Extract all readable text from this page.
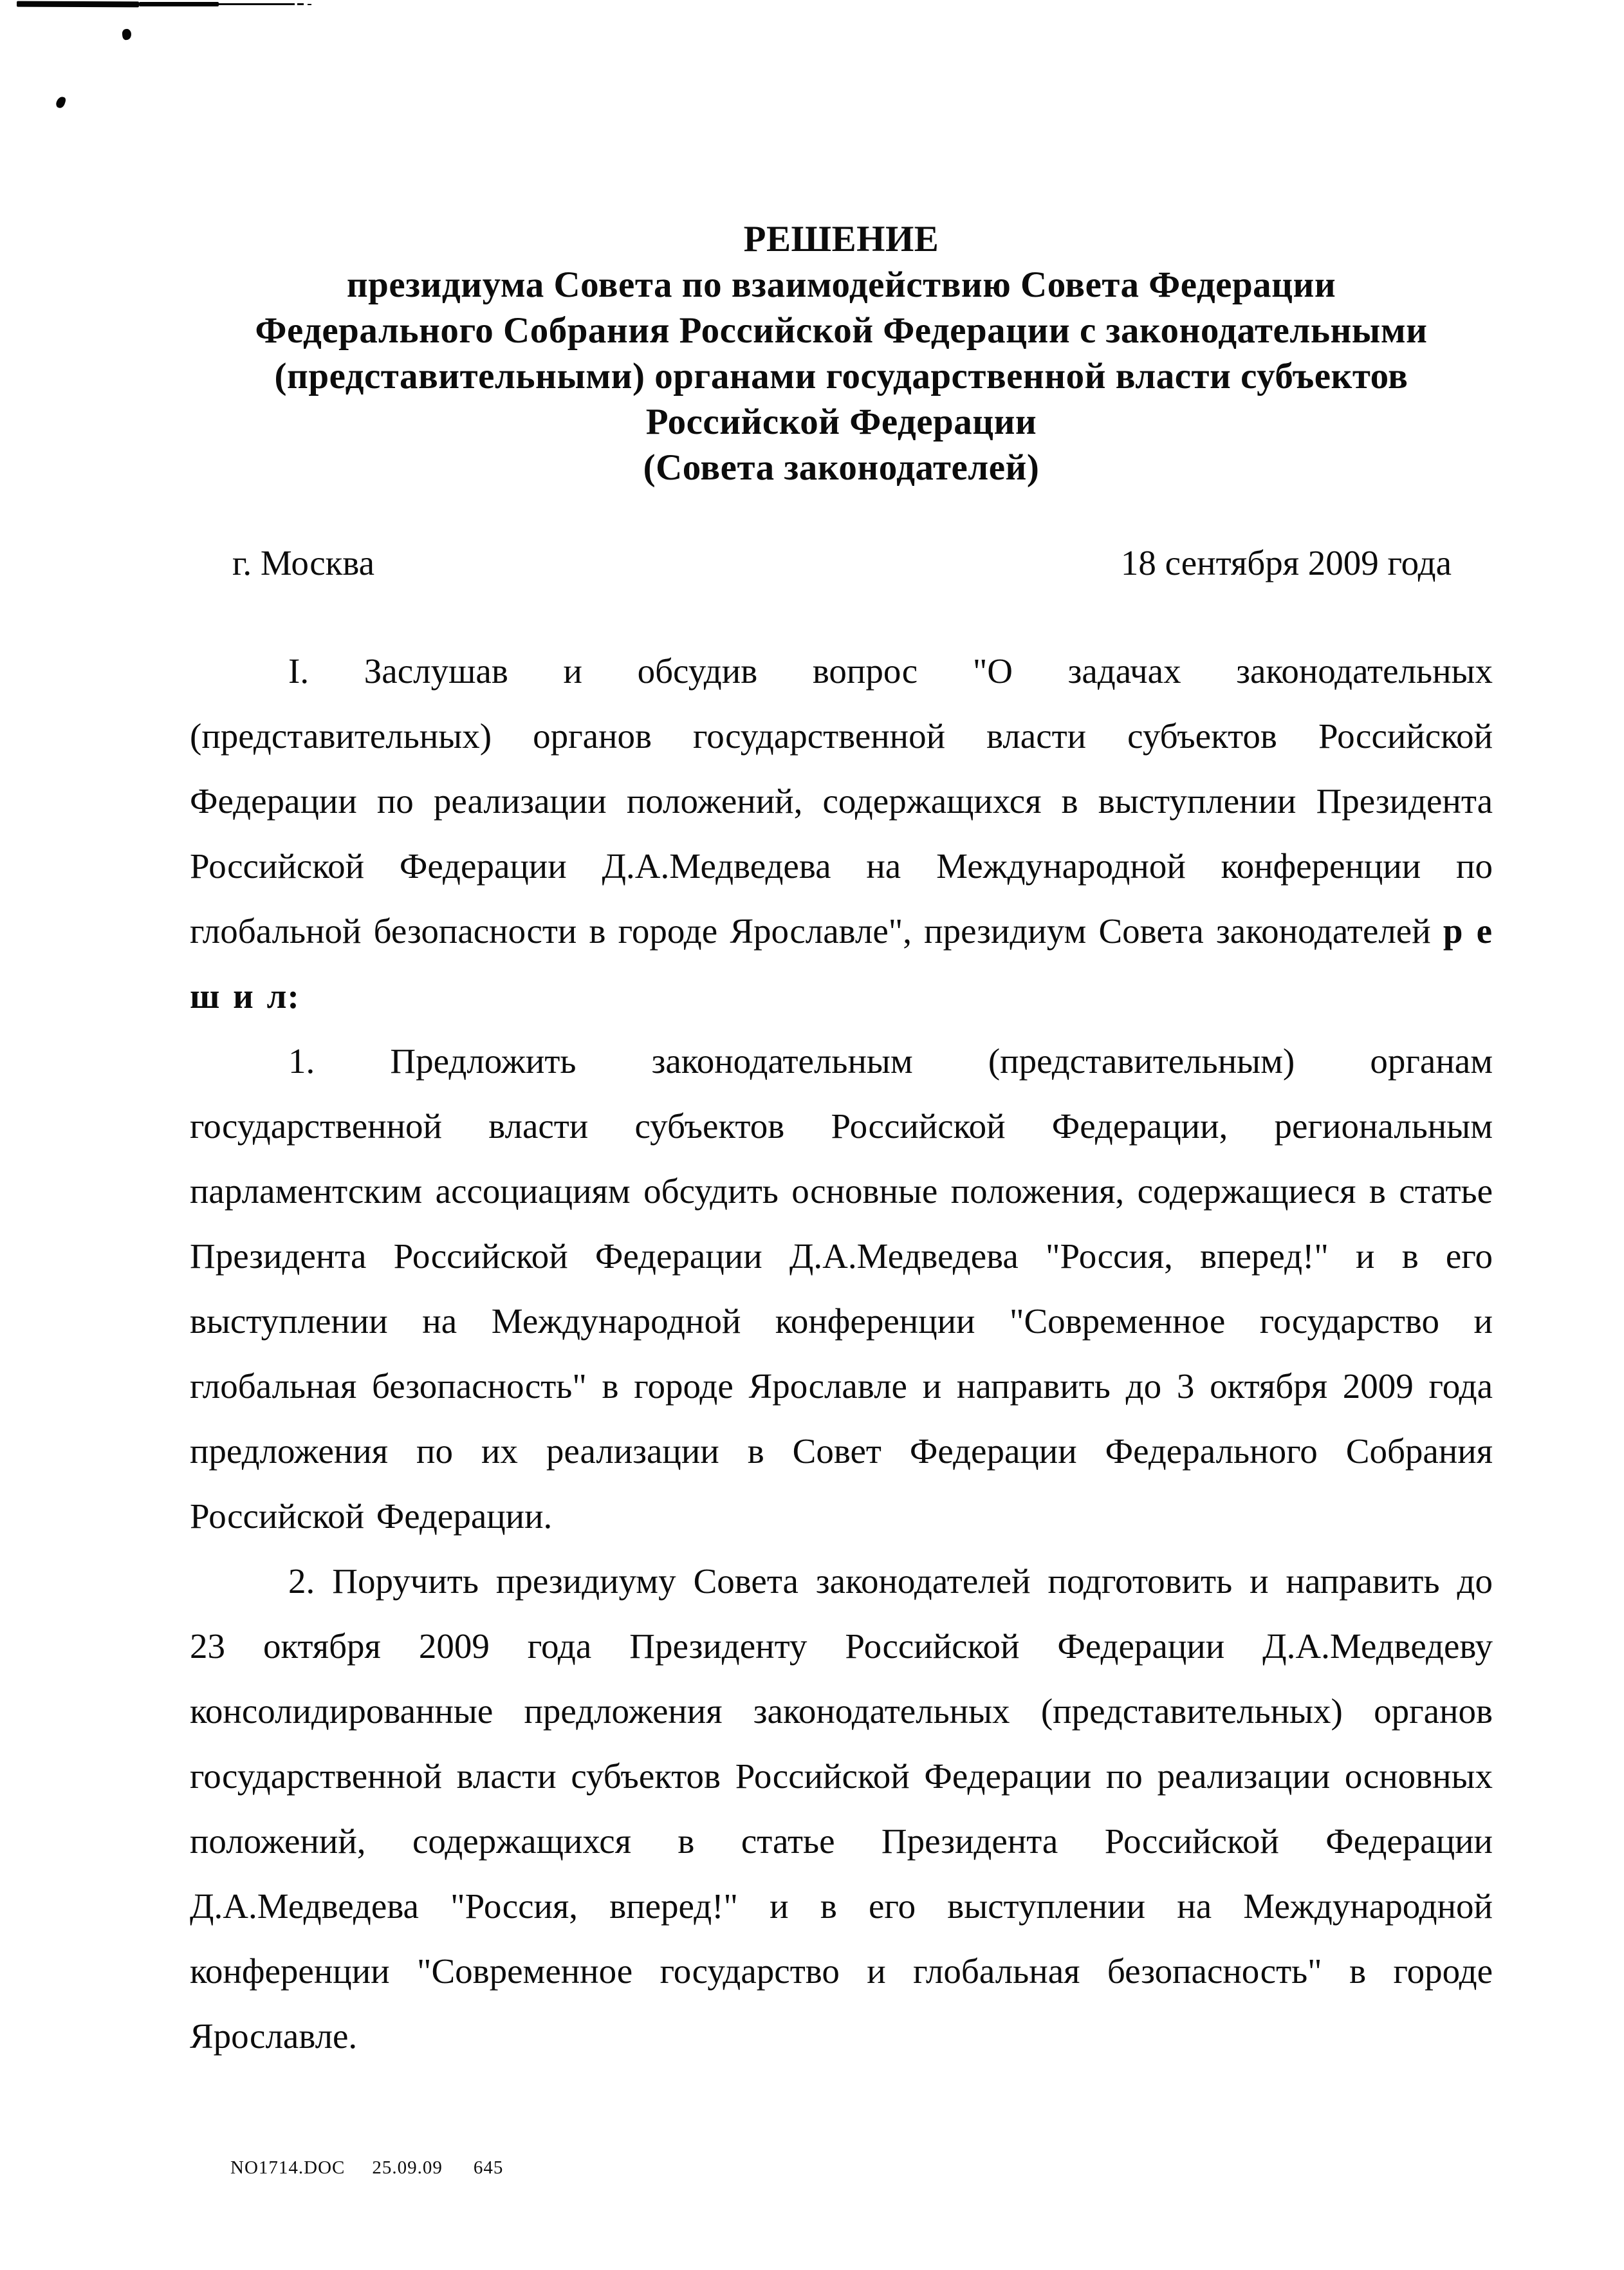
РЕШЕНИЕ
президиума Совета по взаимодействию Совета Федерации
Федерального Собрания Российской Федерации с законодательными
(представительными) органами государственной власти субъектов
Российской Федерации
(Совета законодателей)
г. Москва	18 сентября 2009 года

I. Заслушав и обсудив вопрос "О задачах законодательных (представительных) органов государственной власти субъектов Российской Федерации по реализации положений, содержащихся в выступлении Президента Российской Федерации Д.А.Медведева на Международной конференции по глобальной безопасности в городе Ярославле", президиум Совета законодателей р е ш и л:

1. Предложить законодательным (представительным) органам государственной власти субъектов Российской Федерации, региональным парламентским ассоциациям обсудить основные положения, содержащиеся в статье Президента Российской Федерации Д.А.Медведева "Россия, вперед!" и в его выступлении на Международной конференции "Современное государство и глобальная безопасность" в городе Ярославле и направить до 3 октября 2009 года предложения по их реализации в Совет Федерации Федерального Собрания Российской Федерации.

2. Поручить президиуму Совета законодателей подготовить и направить до 23 октября 2009 года Президенту Российской Федерации Д.А.Медведеву консолидированные предложения законодательных (представительных) органов государственной власти субъектов Российской Федерации по реализации основных положений, содержащихся в статье Президента Российской Федерации Д.А.Медведева "Россия, вперед!" и в его выступлении на Международной конференции "Современное государство и глобальная безопасность" в городе Ярославле.

NO1714.DOC 25.09.09 645
